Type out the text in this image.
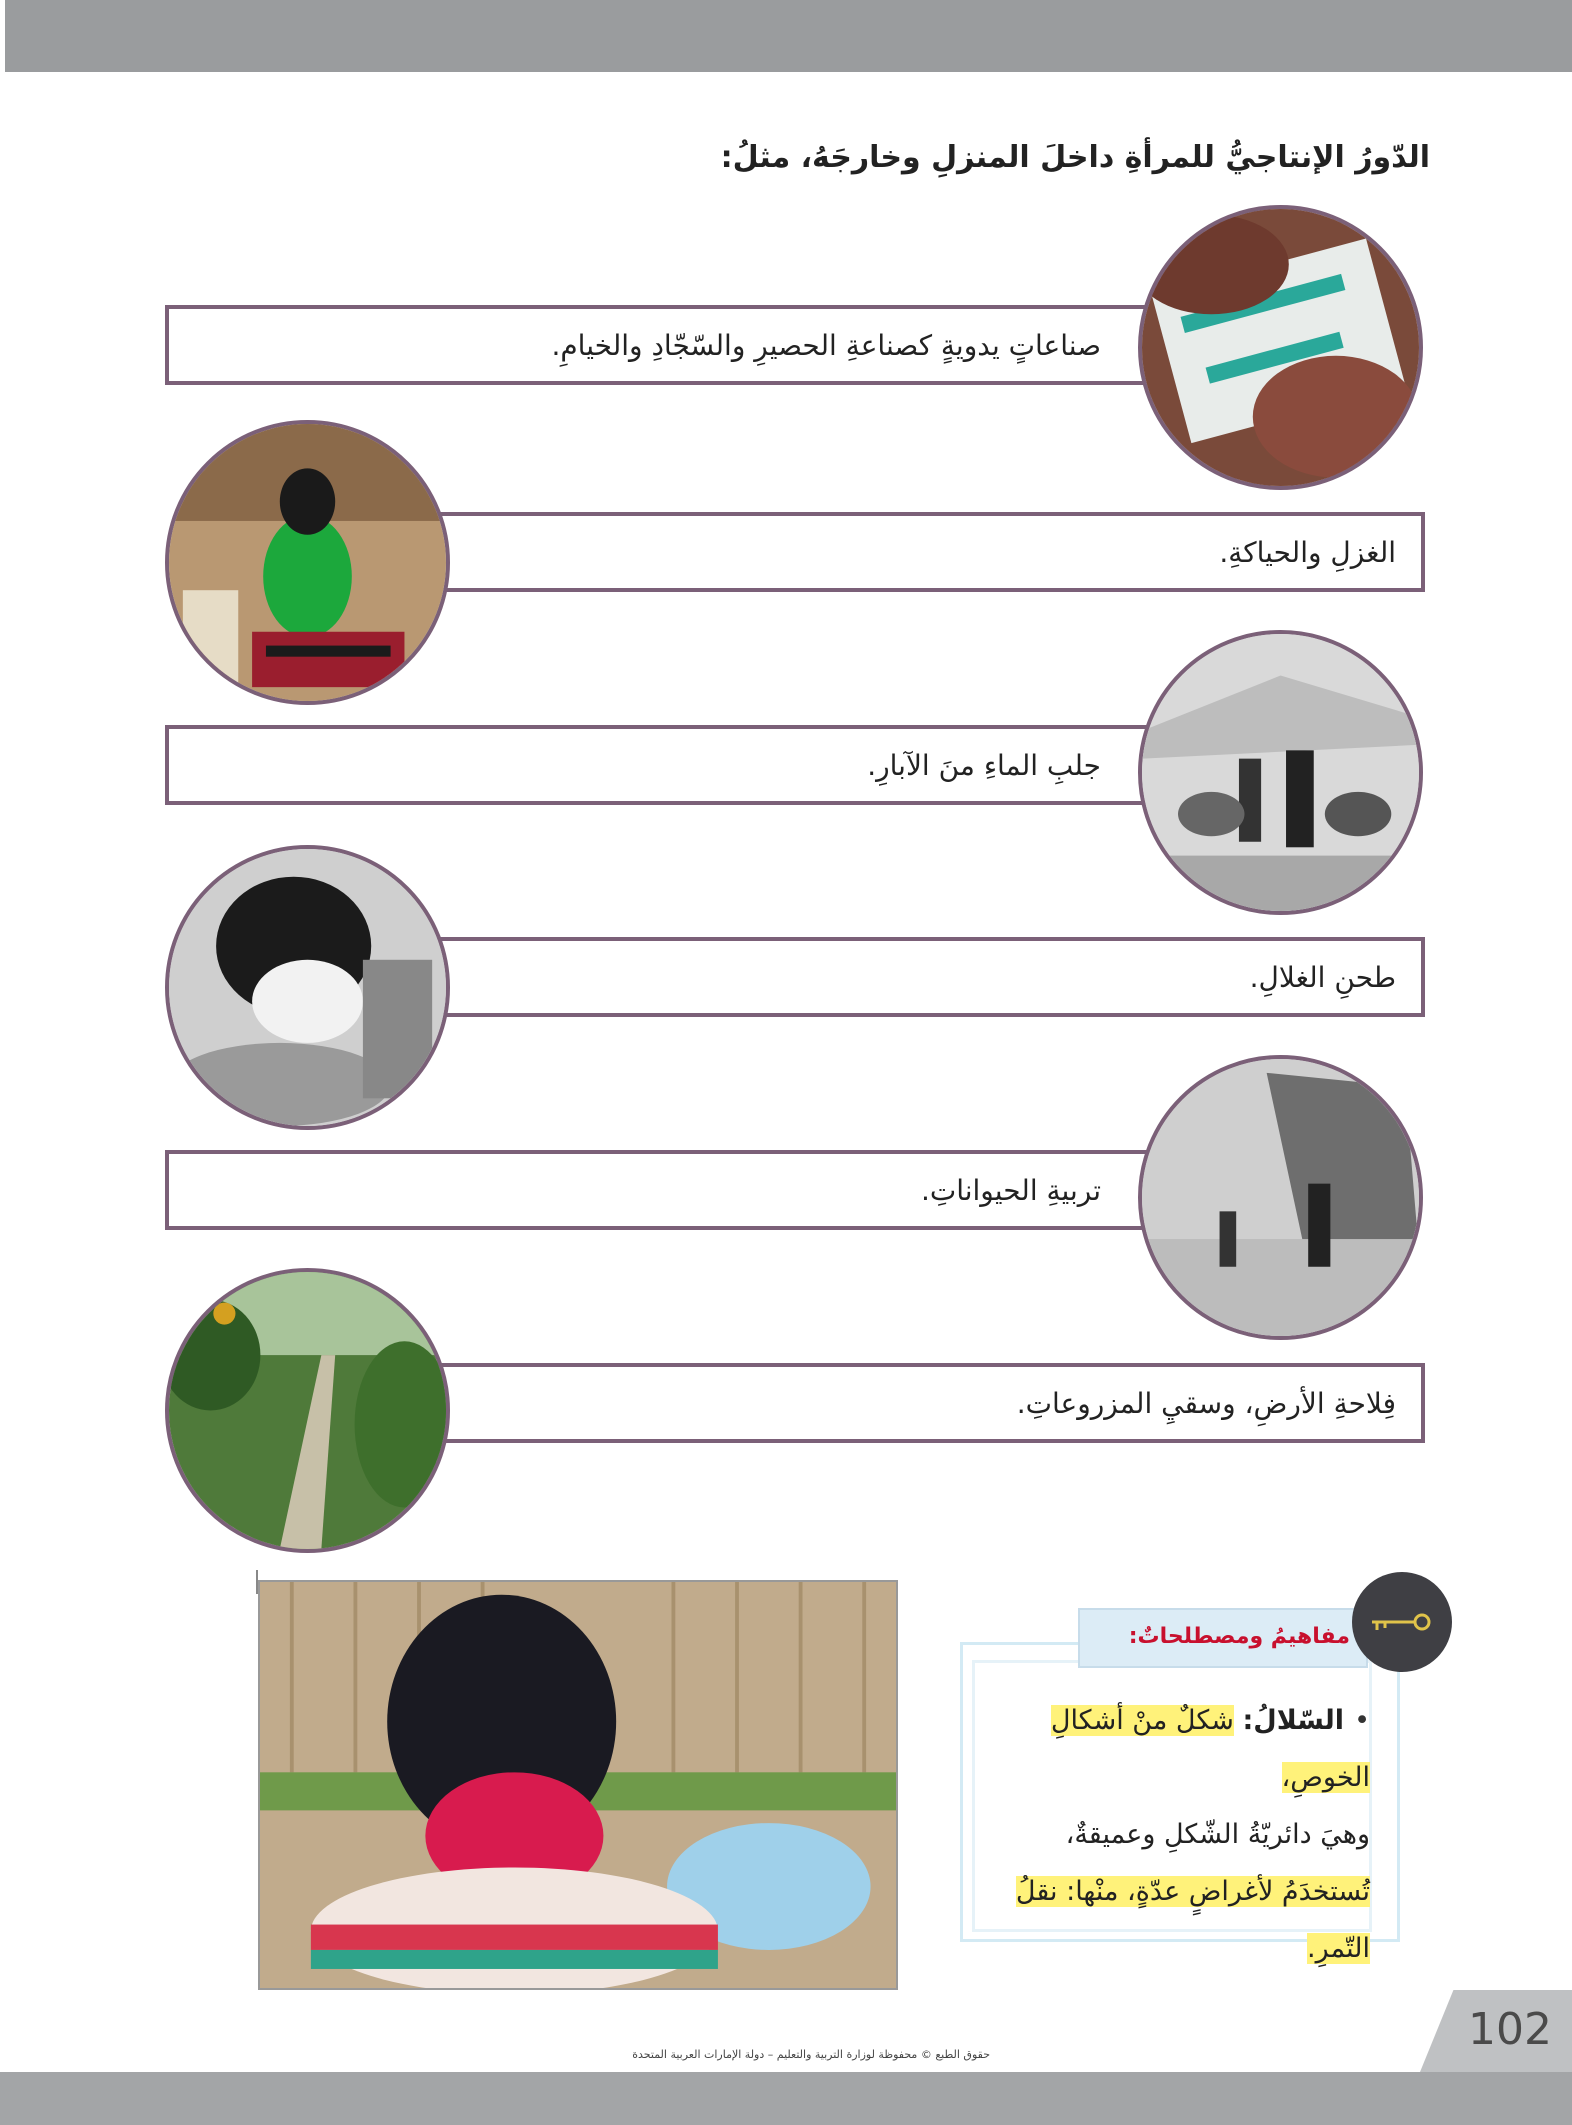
الدّورُ الإنتاجيُّ للمرأةِ داخلَ المنزلِ وخارجَهُ، مثلُ:
صناعاتٍ يدويةٍ كصناعةِ الحصيرِ والسّجّادِ والخيامِ.
الغزلِ والحياكةِ.
جلبِ الماءِ منَ الآبارِ.
طحنِ الغلالِ.
تربيةِ الحيواناتِ.
فِلاحةِ الأرضِ، وسقيِ المزروعاتِ.
مفاهيمُ ومصطلحاتٌ:
•السّلالُ: شكلٌ منْ أشكالِ الخوصِ،
وهيَ دائريّةُ الشّكلِ وعميقةٌ،
تُستخدَمُ لأغراضٍ عدّةٍ، منْها: نقلُ
التّمرِ.
حقوق الطبع © محفوظة لوزارة التربية والتعليم – دولة الإمارات العربية المتحدة	102
